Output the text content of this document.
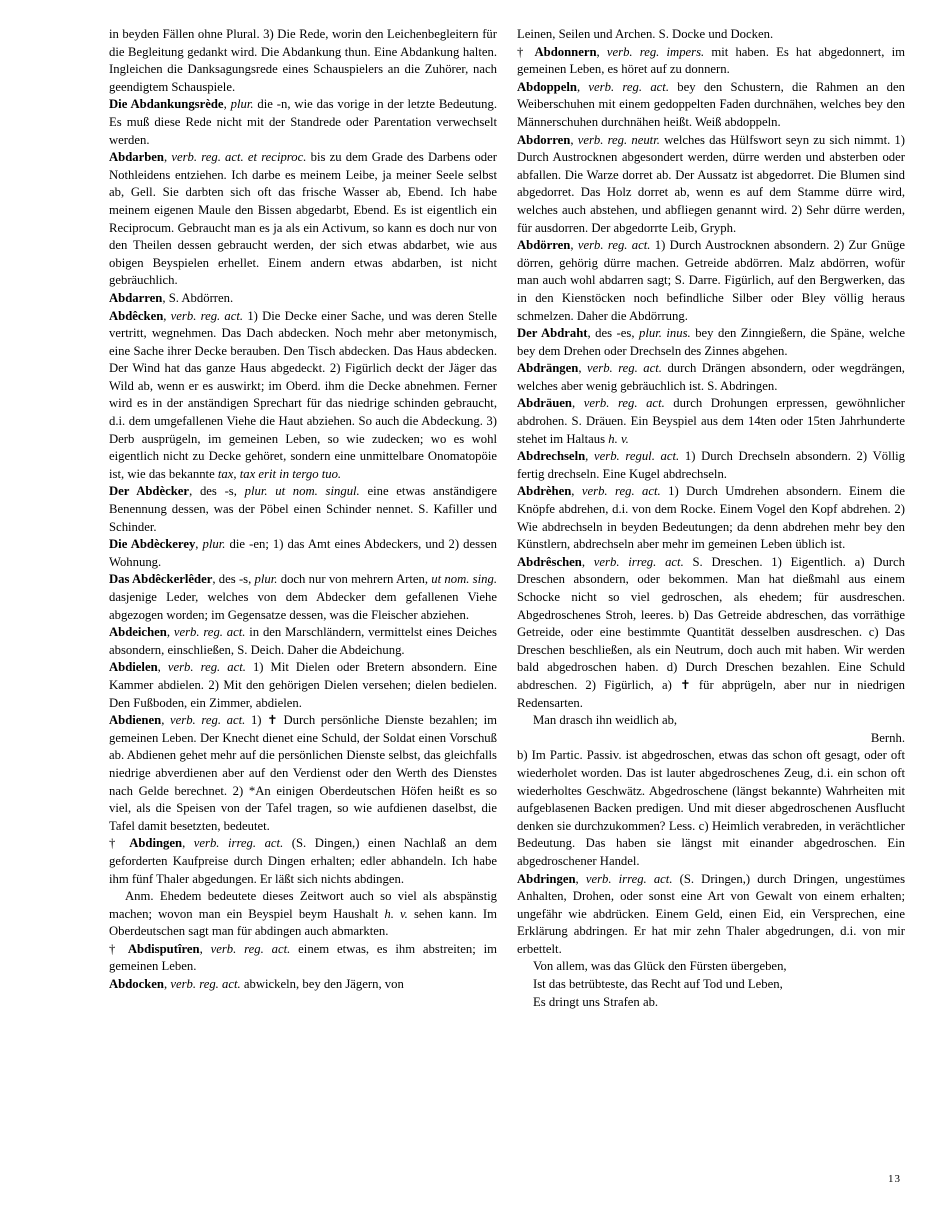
in beyden Fällen ohne Plural. 3) Die Rede, worin den Leichenbegleitern für die Begleitung gedankt wird. Die Abdankung thun. Eine Abdankung halten. Ingleichen die Danksagungsrede eines Schauspielers an die Zuhörer, nach geendigtem Schauspiele.

Die Abdankungsrède, plur. die -n, wie das vorige in der letzte Bedeutung. Es muß diese Rede nicht mit der Standrede oder Parentation verwechselt werden.

Abdarben, verb. reg. act. et reciproc. bis zu dem Grade des Darbens oder Nothleidens entziehen. Ich darbe es meinem Leibe, ja meiner Seele selbst ab, Gell. Sie darbten sich oft das frische Wasser ab, Ebend. Ich habe meinem eigenen Maule den Bissen abgedarbt, Ebend. Es ist eigentlich ein Reciprocum. Gebraucht man es ja als ein Activum, so kann es doch nur von den Theilen dessen gebraucht werden, der sich etwas abdarbet, wie aus obigen Beyspielen erhellet. Einem andern etwas abdarben, ist nicht gebräuchlich.

Abdarren, S. Abdörren.

Abdêcken, verb. reg. act. 1) Die Decke einer Sache, und was deren Stelle vertritt, wegnehmen. Das Dach abdecken. Noch mehr aber metonymisch, eine Sache ihrer Decke berauben. Den Tisch abdecken. Das Haus abdecken. Der Wind hat das ganze Haus abgedeckt. 2) Figürlich deckt der Jäger das Wild ab, wenn er es auswirkt; im Oberd. ihm die Decke abnehmen. Ferner wird es in der anständigen Sprechart für das niedrige schinden gebraucht, d.i. dem umgefallenen Viehe die Haut abziehen. So auch die Abdeckung. 3) Derb ausprügeln, im gemeinen Leben, so wie zudecken; wo es wohl eigentlich nicht zu Decke gehöret, sondern eine unmittelbare Onomatopöie ist, wie das bekannte tax, tax erit in tergo tuo.

Der Abdècker, des -s, plur. ut nom. singul. eine etwas anständigere Benennung dessen, was der Pöbel einen Schinder nennet. S. Kafiller und Schinder.

Die Abdèckerey, plur. die -en; 1) das Amt eines Abdeckers, und 2) dessen Wohnung.

Das Abdêckerlêder, des -s, plur. doch nur von mehrern Arten, ut nom. sing. dasjenige Leder, welches von dem Abdecker dem gefallenen Viehe abgezogen worden; im Gegensatze dessen, was die Fleischer abziehen.

Abdeichen, verb. reg. act. in den Marschländern, vermittelst eines Deiches absondern, einschließen, S. Deich. Daher die Abdeichung.

Abdielen, verb. reg. act. 1) Mit Dielen oder Bretern absondern. Eine Kammer abdielen. 2) Mit den gehörigen Dielen versehen; dielen bedielen. Den Fußboden, ein Zimmer, abdielen.

Abdienen, verb. reg. act. 1) ✝ Durch persönliche Dienste bezahlen; im gemeinen Leben. Der Knecht dienet eine Schuld, der Soldat einen Vorschuß ab. Abdienen gehet mehr auf die persönlichen Dienste selbst, das gleichfalls niedrige abverdienen aber auf den Verdienst oder den Werth des Dienstes nach Gelde berechnet. 2) *An einigen Oberdeutschen Höfen heißt es so viel, als die Speisen von der Tafel tragen, so wie aufdienen daselbst, die Tafel damit besetzten, bedeutet.

† Abdingen, verb. irreg. act. (S. Dingen,) einen Nachlaß an dem geforderten Kaufpreise durch Dingen erhalten; edler abhandeln. Ich habe ihm fünf Thaler abgedungen. Er läßt sich nichts abdingen.

Anm. Ehedem bedeutete dieses Zeitwort auch so viel als abspänstig machen; wovon man ein Beyspiel beym Haushalt h. v. sehen kann. Im Oberdeutschen sagt man für abdingen auch abmarkten.

† Abdisputîren, verb. reg. act. einem etwas, es ihm abstreiten; im gemeinen Leben.

Abdocken, verb. reg. act. abwickeln, bey den Jägern, von

Leinen, Seilen und Archen. S. Docke und Docken.

† Abdonnern, verb. reg. impers. mit haben. Es hat abgedonnert, im gemeinen Leben, es höret auf zu donnern.

Abdoppeln, verb. reg. act. bey den Schustern, die Rahmen an den Weiberschuhen mit einem gedoppelten Faden durchnähen, welches bey den Männerschuhen durchnähen heißt. Weiß abdoppeln.

Abdorren, verb. reg. neutr. welches das Hülfswort seyn zu sich nimmt. 1) Durch Austrocknen abgesondert werden, dürre werden und absterben oder abfallen. Die Warze dorret ab. Der Aussatz ist abgedorret. Die Blumen sind abgedorret. Das Holz dorret ab, wenn es auf dem Stamme dürre wird, welches auch abstehen, und abfliegen genannt wird. 2) Sehr dürre werden, für ausdorren. Der abgedorrte Leib, Gryph.

Abdörren, verb. reg. act. 1) Durch Austrocknen absondern. 2) Zur Gnüge dörren, gehörig dürre machen. Getreide abdörren. Malz abdörren, wofür man auch wohl abdarren sagt; S. Darre. Figürlich, auf den Bergwerken, das in den Kienstöcken noch befindliche Silber oder Bley völlig heraus schmelzen. Daher die Abdörrung.

Der Abdraht, des -es, plur. inus. bey den Zinngießern, die Späne, welche bey dem Drehen oder Drechseln des Zinnes abgehen.

Abdrängen, verb. reg. act. durch Drängen absondern, oder wegdrängen, welches aber wenig gebräuchlich ist. S. Abdringen.

Abdräuen, verb. reg. act. durch Drohungen erpressen, gewöhnlicher abdrohen. S. Dräuen. Ein Beyspiel aus dem 14ten oder 15ten Jahrhunderte stehet im Haltaus h. v.

Abdrechseln, verb. regul. act. 1) Durch Drechseln absondern. 2) Völlig fertig drechseln. Eine Kugel abdrechseln.

Abdrèhen, verb. reg. act. 1) Durch Umdrehen absondern. Einem die Knöpfe abdrehen, d.i. von dem Rocke. Einem Vogel den Kopf abdrehen. 2) Wie abdrechseln in beyden Bedeutungen; da denn abdrehen mehr bey den Künstlern, abdrechseln aber mehr im gemeinen Leben üblich ist.

Abdrêschen, verb. irreg. act. S. Dreschen. 1) Eigentlich. a) Durch Dreschen absondern, oder bekommen. Man hat dießmahl aus einem Schocke nicht so viel gedroschen, als ehedem; für ausdreschen. Abgedroschenes Stroh, leeres. b) Das Getreide abdreschen, das vorräthige Getreide, oder eine bestimmte Quantität desselben ausdreschen. c) Das Dreschen beschließen, als ein Neutrum, doch auch mit haben. Wir werden bald abgedroschen haben. d) Durch Dreschen bezahlen. Eine Schuld abdreschen. 2) Figürlich, a) ✝ für abprügeln, aber nur in niedrigen Redensarten.

Man drasch ihn weidlich ab,

Bernh.

b) Im Partic. Passiv. ist abgedroschen, etwas das schon oft gesagt, oder oft wiederholet worden. Das ist lauter abgedroschenes Zeug, d.i. ein schon oft wiederholtes Geschwätz. Abgedroschene (längst bekannte) Wahrheiten mit aufgeblasenen Backen predigen. Und mit dieser abgedroschenen Ausflucht denken sie durchzukommen? Less. c) Heimlich verabreden, in verächtlicher Bedeutung. Das haben sie längst mit einander abgedroschen. Ein abgedroschener Handel.

Abdringen, verb. irreg. act. (S. Dringen,) durch Dringen, ungestümes Anhalten, Drohen, oder sonst eine Art von Gewalt von einem erhalten; ungefähr wie abdrücken. Einem Geld, einen Eid, ein Versprechen, eine Erklärung abdringen. Er hat mir zehn Thaler abgedrungen, d.i. von mir erbettelt.

Von allem, was das Glück den Fürsten übergeben,

Ist das betrübteste, das Recht auf Tod und Leben,

Es dringt uns Strafen ab.

13
